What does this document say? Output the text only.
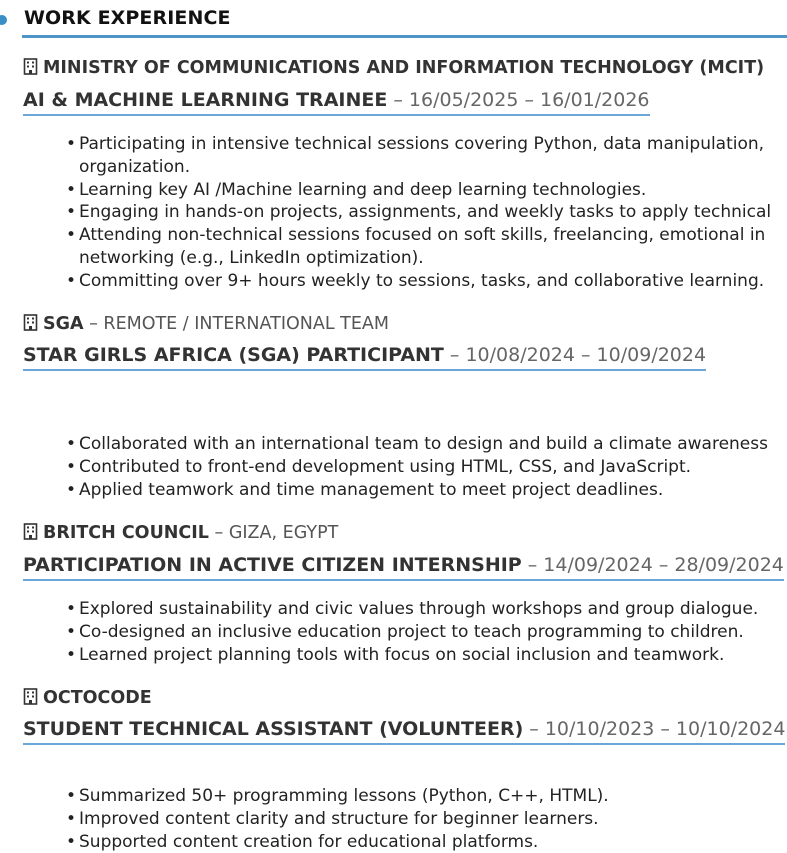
WORK EXPERIENCE
MINISTRY OF COMMUNICATIONS AND INFORMATION TECHNOLOGY (MCIT)
AI & MACHINE LEARNING TRAINEE – 16/05/2025 – 16/01/2026
• Participating in intensive technical sessions covering Python, data manipulation,
organization.
• Learning key AI /Machine learning and deep learning technologies.
• Engaging in hands-on projects, assignments, and weekly tasks to apply technical
• Attending non-technical sessions focused on soft skills, freelancing, emotional in
networking (e.g., LinkedIn optimization).
• Committing over 9+ hours weekly to sessions, tasks, and collaborative learning.
SGA – REMOTE / INTERNATIONAL TEAM
STAR GIRLS AFRICA (SGA) PARTICIPANT – 10/08/2024 – 10/09/2024
• Collaborated with an international team to design and build a climate awareness
• Contributed to front-end development using HTML, CSS, and JavaScript.
• Applied teamwork and time management to meet project deadlines.
BRITCH COUNCIL – GIZA, EGYPT
PARTICIPATION IN ACTIVE CITIZEN INTERNSHIP – 14/09/2024 – 28/09/2024
• Explored sustainability and civic values through workshops and group dialogue.
• Co-designed an inclusive education project to teach programming to children.
• Learned project planning tools with focus on social inclusion and teamwork.
OCTOCODE
STUDENT TECHNICAL ASSISTANT (VOLUNTEER) – 10/10/2023 – 10/10/2024
• Summarized 50+ programming lessons (Python, C++, HTML).
• Improved content clarity and structure for beginner learners.
• Supported content creation for educational platforms.
